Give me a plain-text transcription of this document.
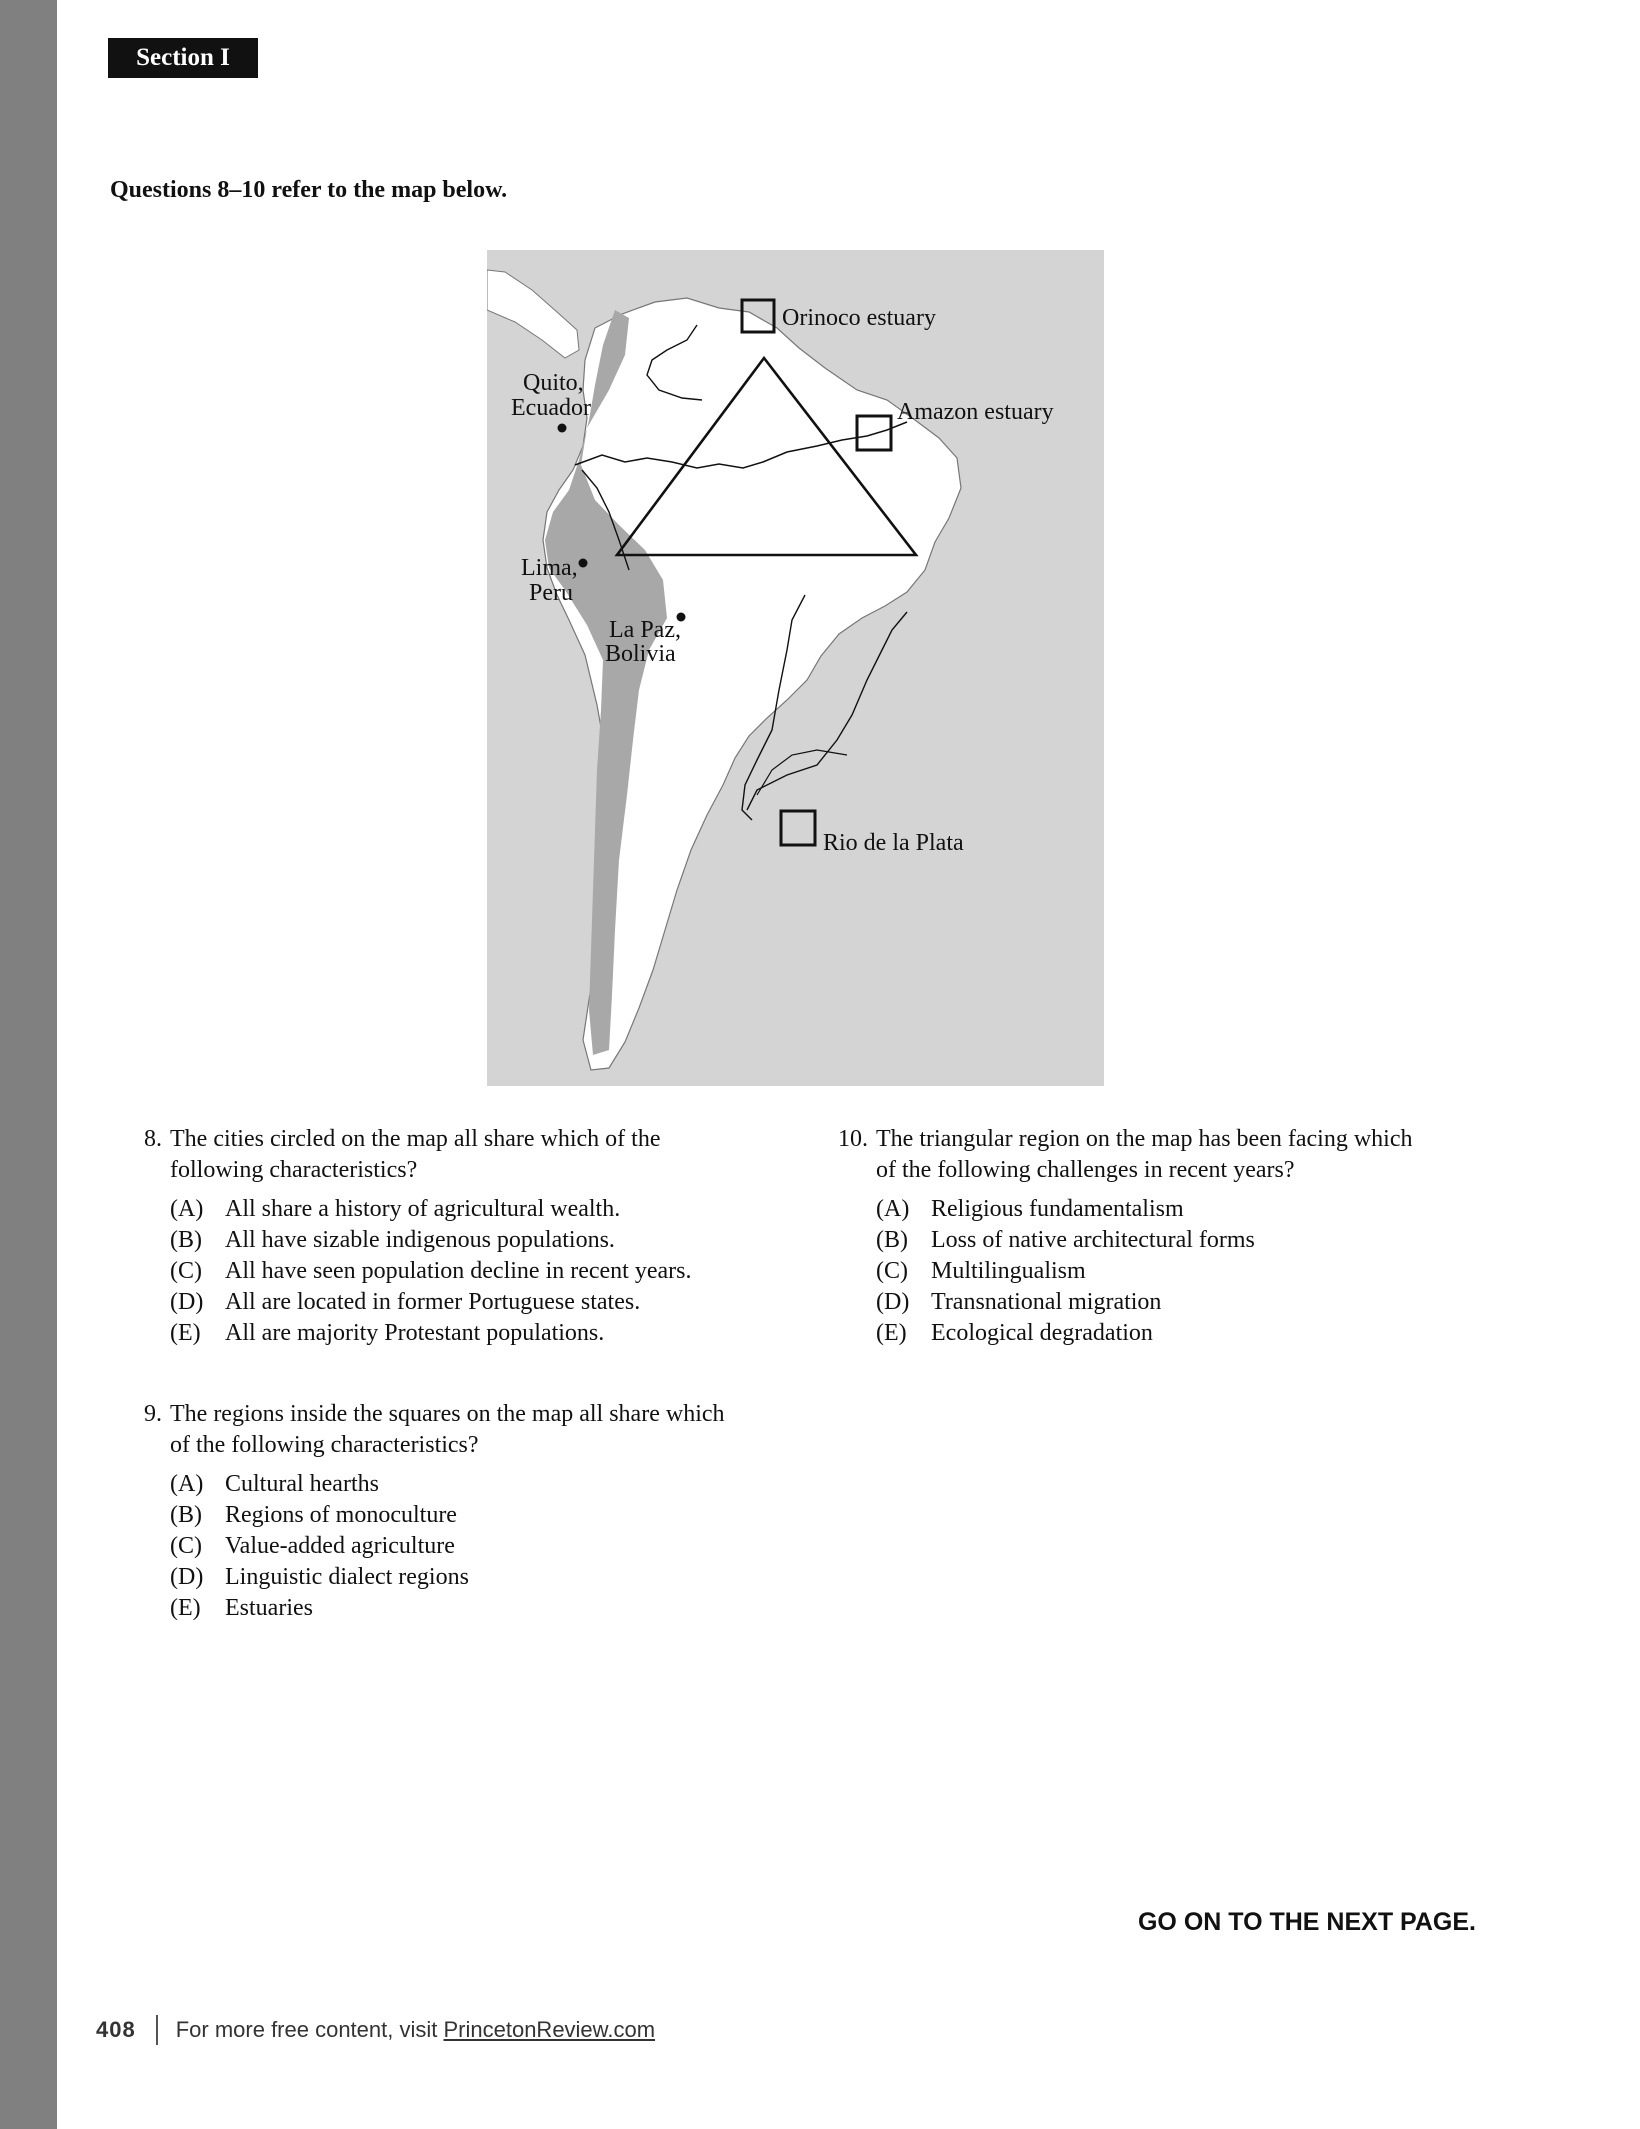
Section I
Questions 8–10 refer to the map below.
Orinoco estuary
Amazon estuary
Quito,
Ecuador
Lima,
Peru
La Paz,
Bolivia
Rio de la Plata
8. The cities circled on the map all share which of the
following characteristics?
(A) All share a history of agricultural wealth.
(B) All have sizable indigenous populations.
(C) All have seen population decline in recent years.
(D) All are located in former Portuguese states.
(E)	All are majority Protestant populations.
9. The regions inside the squares on the map all share which
of the following characteristics?
(A) Cultural hearths
(B) Regions of monoculture
(C) Value-added agriculture
(D) Linguistic dialect regions
(E)	Estuaries
10. The triangular region on the map has been facing which
of the following challenges in recent years?
(A) Religious fundamentalism
(B) Loss of native architectural forms
(C) Multilingualism
(D) Transnational migration
(E)	Ecological degradation
GO ON TO THE NEXT PAGE.
408 For more free content, visit PrincetonReview.com
